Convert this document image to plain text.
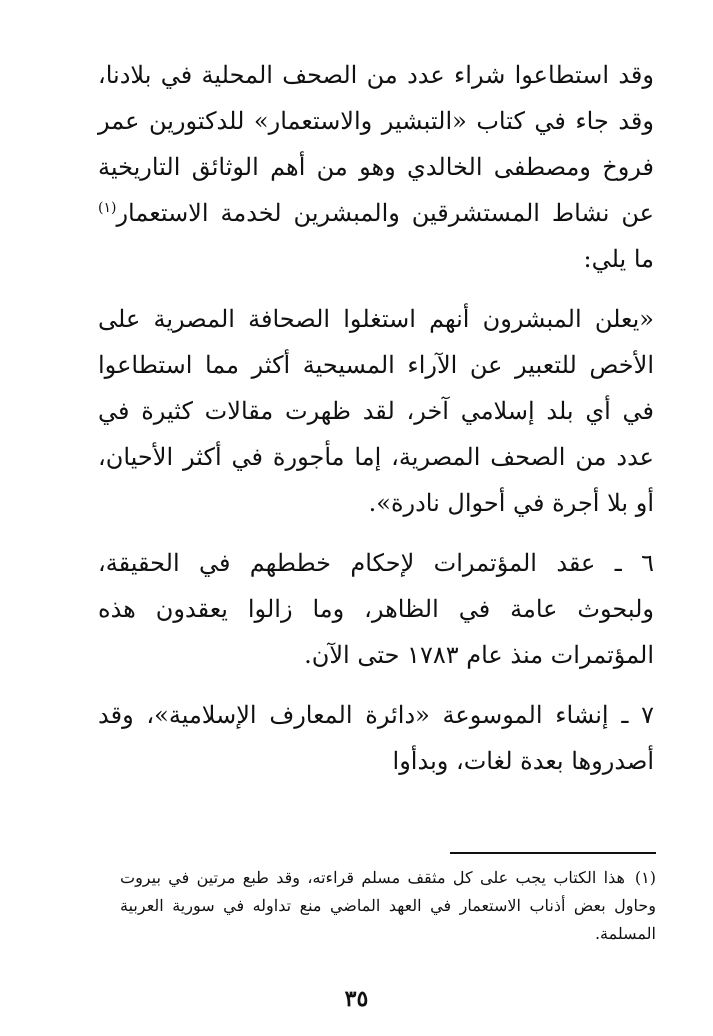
وقد استطاعوا شراء عدد من الصحف المحلية في بلادنا، وقد جاء في كتاب «التبشير والاستعمار» للدكتورين عمر فروخ ومصطفى الخالدي وهو من أهم الوثائق التاريخية عن نشاط المستشرقين والمبشرين لخدمة الاستعمار$^{(١)}$ ما يلي:

«يعلن المبشرون أنهم استغلوا الصحافة المصرية على الأخص للتعبير عن الآراء المسيحية أكثر مما استطاعوا في أي بلد إسلامي آخر، لقد ظهرت مقالات كثيرة في عدد من الصحف المصرية، إما مأجورة في أكثر الأحيان، أو بلا أجرة في أحوال نادرة».

٦ ـ عقد المؤتمرات لإحكام خططهم في الحقيقة، ولبحوث عامة في الظاهر، وما زالوا يعقدون هذه المؤتمرات منذ عام ١٧٨٣ حتى الآن.

٧ ـ إنشاء الموسوعة «دائرة المعارف الإسلامية»، وقد أصدروها بعدة لغات، وبدأوا

(١)هذا الكتاب يجب على كل مثقف مسلم قراءته، وقد طبع مرتين في بيروت وحاول بعض أذناب الاستعمار في العهد الماضي منع تداوله في سورية العربية المسلمة.
٣٥
